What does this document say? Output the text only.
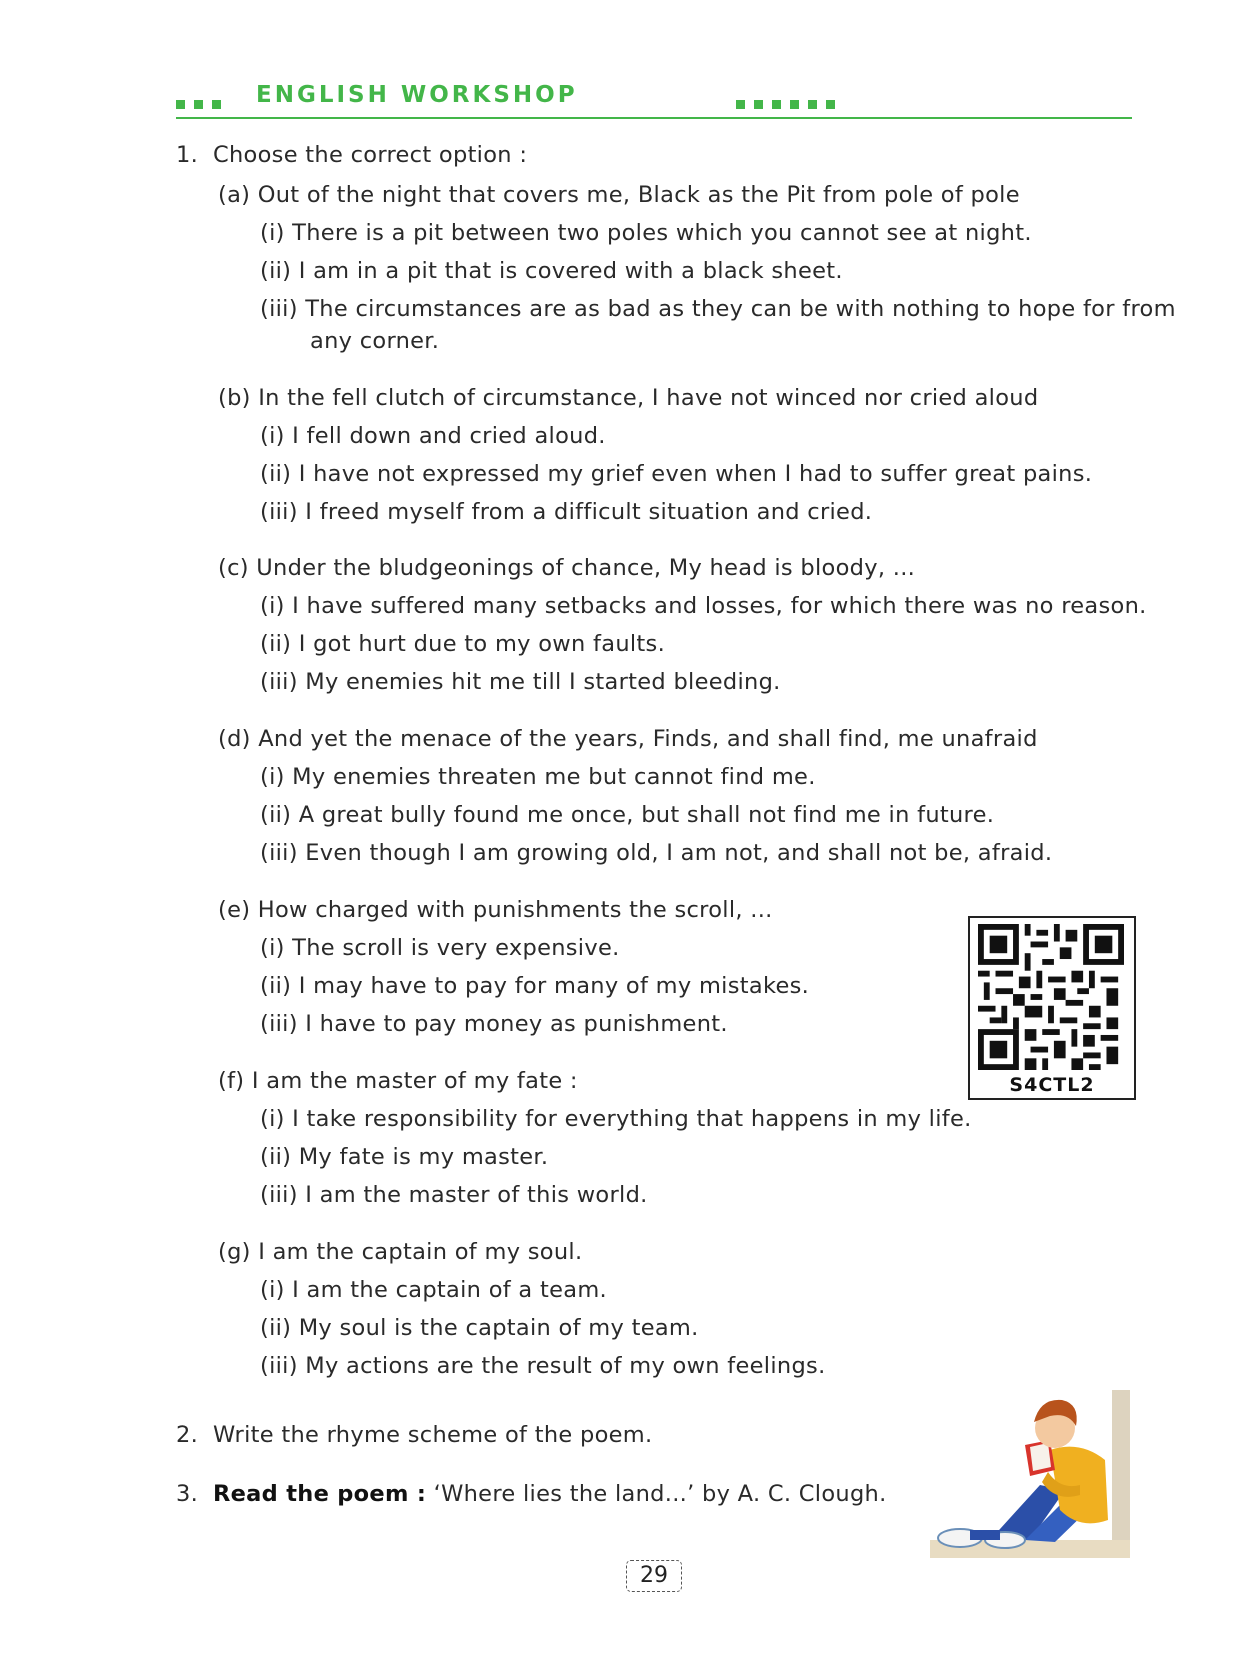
ENGLISH WORKSHOP
1. Choose the correct option :
(a) Out of the night that covers me, Black as the Pit from pole of pole
(i) There is a pit between two poles which you cannot see at night.
(ii) I am in a pit that is covered with a black sheet.
(iii) The circumstances are as bad as they can be with nothing to hope for from
any corner.
(b) In the fell clutch of circumstance, I have not winced nor cried aloud
(i) I fell down and cried aloud.
(ii) I have not expressed my grief even when I had to suffer great pains.
(iii) I freed myself from a difficult situation and cried.
(c) Under the bludgeonings of chance, My head is bloody, ...
(i) I have suffered many setbacks and losses, for which there was no reason.
(ii) I got hurt due to my own faults.
(iii) My enemies hit me till I started bleeding.
(d) And yet the menace of the years, Finds, and shall find, me unafraid
(i) My enemies threaten me but cannot find me.
(ii) A great bully found me once, but shall not find me in future.
(iii) Even though I am growing old, I am not, and shall not be, afraid.
(e) How charged with punishments the scroll, ...
(i) The scroll is very expensive.
(ii) I may have to pay for many of my mistakes.
(iii) I have to pay money as punishment.
(f) I am the master of my fate :
(i) I take responsibility for everything that happens in my life.
(ii) My fate is my master.
(iii) I am the master of this world.
(g) I am the captain of my soul.
(i) I am the captain of a team.
(ii) My soul is the captain of my team.
(iii) My actions are the result of my own feelings.
2. Write the rhyme scheme of the poem.
3. Read the poem : ‘Where lies the land...’ by A. C. Clough.
S4CTL2
29
